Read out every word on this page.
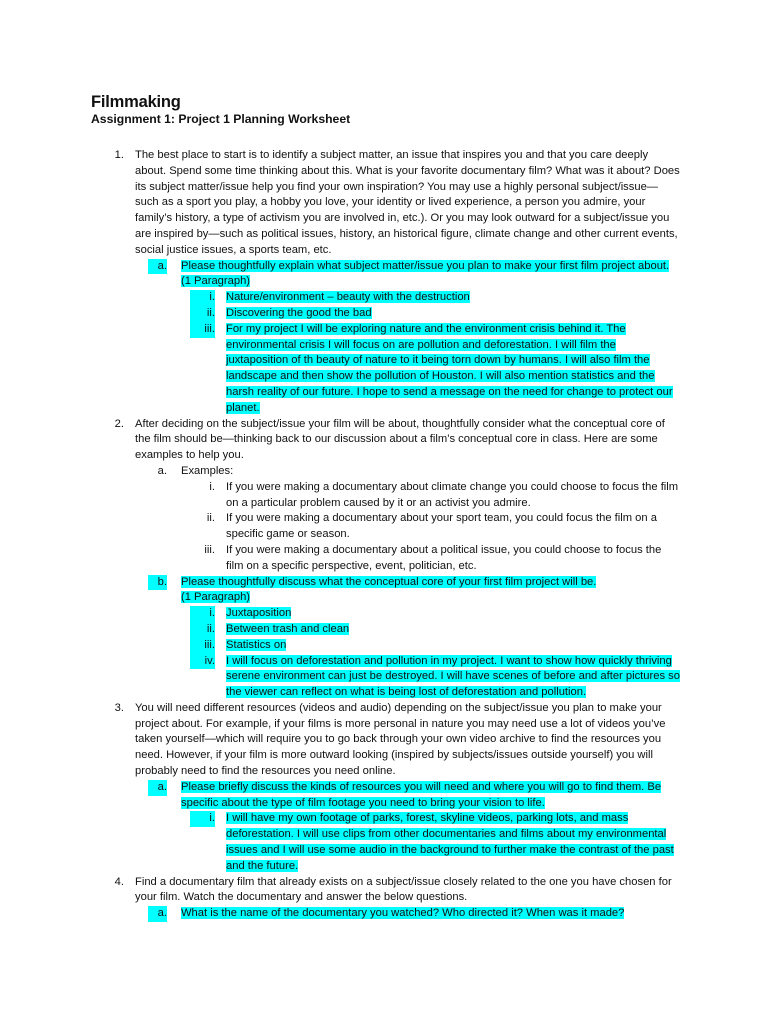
Filmmaking
Assignment 1: Project 1 Planning Worksheet
1. The best place to start is to identify a subject matter, an issue that inspires you and that you care deeply about. Spend some time thinking about this. What is your favorite documentary film? What was it about? Does its subject matter/issue help you find your own inspiration? You may use a highly personal subject/issue—such as a sport you play, a hobby you love, your identity or lived experience, a person you admire, your family’s history, a type of activism you are involved in, etc.). Or you may look outward for a subject/issue you are inspired by—such as political issues, history, an historical figure, climate change and other current events, social justice issues, a sports team, etc.
a. Please thoughtfully explain what subject matter/issue you plan to make your first film project about. (1 Paragraph)
i. Nature/environment – beauty with the destruction
ii. Discovering the good the bad
iii. For my project I will be exploring nature and the environment crisis behind it. The environmental crisis I will focus on are pollution and deforestation. I will film the juxtaposition of th beauty of nature to it being torn down by humans. I will also film the landscape and then show the pollution of Houston. I will also mention statistics and the harsh reality of our future. I hope to send a message on the need for change to protect our planet.
2. After deciding on the subject/issue your film will be about, thoughtfully consider what the conceptual core of the film should be—thinking back to our discussion about a film’s conceptual core in class. Here are some examples to help you.
a. Examples:
i. If you were making a documentary about climate change you could choose to focus the film on a particular problem caused by it or an activist you admire.
ii. If you were making a documentary about your sport team, you could focus the film on a specific game or season.
iii. If you were making a documentary about a political issue, you could choose to focus the film on a specific perspective, event, politician, etc.
b. Please thoughtfully discuss what the conceptual core of your first film project will be.
(1 Paragraph)
i. Juxtaposition
ii. Between trash and clean
iii. Statistics on
iv. I will focus on deforestation and pollution in my project. I want to show how quickly thriving serene environment can just be destroyed. I will have scenes of before and after pictures so the viewer can reflect on what is being lost of deforestation and pollution.
3. You will need different resources (videos and audio) depending on the subject/issue you plan to make your project about. For example, if your films is more personal in nature you may need use a lot of videos you’ve taken yourself—which will require you to go back through your own video archive to find the resources you need. However, if your film is more outward looking (inspired by subjects/issues outside yourself) you will probably need to find the resources you need online.
a. Please briefly discuss the kinds of resources you will need and where you will go to find them. Be specific about the type of film footage you need to bring your vision to life.
i. I will have my own footage of parks, forest, skyline videos, parking lots, and mass deforestation. I will use clips from other documentaries and films about my environmental issues and I will use some audio in the background to further make the contrast of the past and the future.
4. Find a documentary film that already exists on a subject/issue closely related to the one you have chosen for your film. Watch the documentary and answer the below questions.
a. What is the name of the documentary you watched? Who directed it? When was it made?
